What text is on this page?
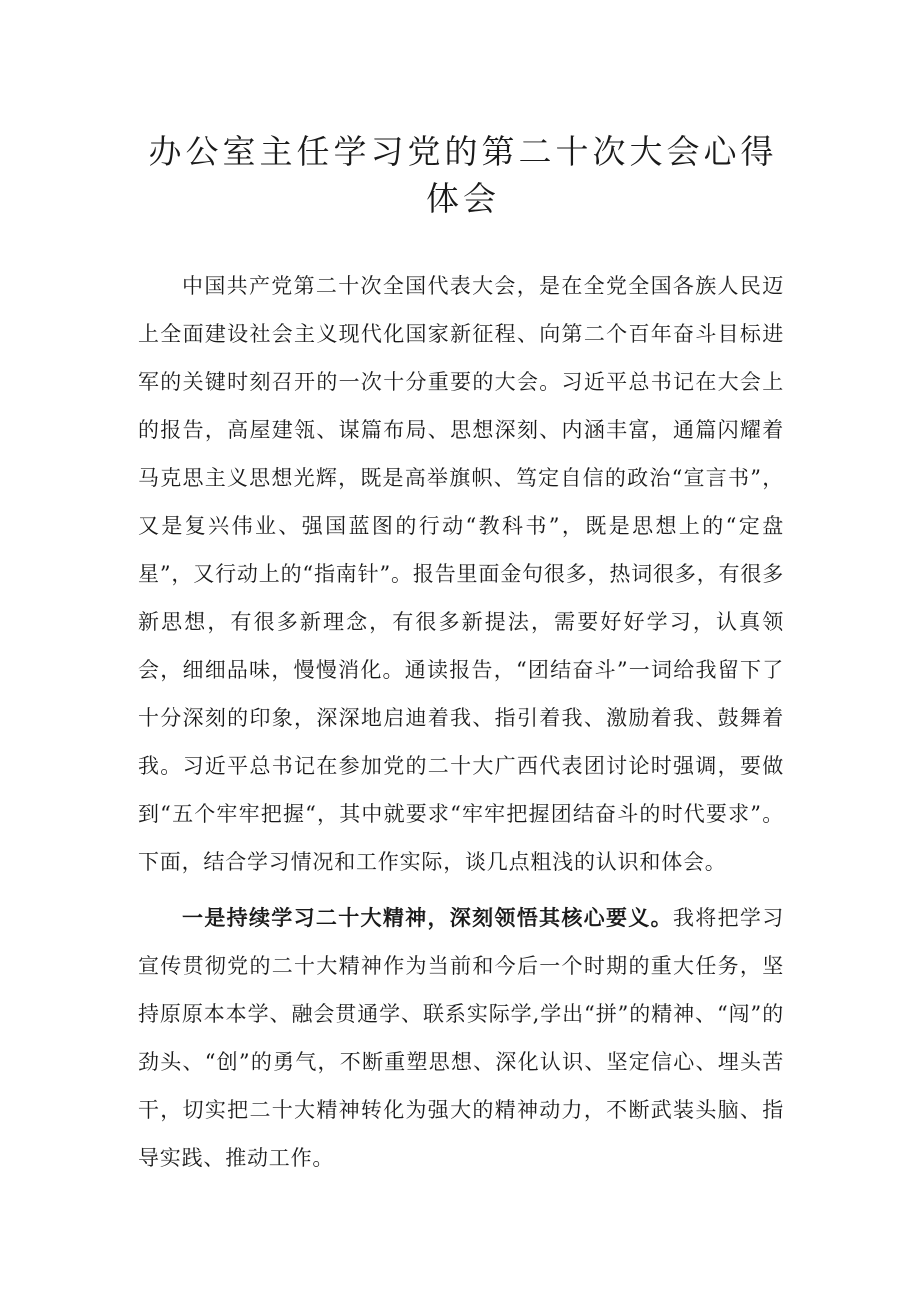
办公室主任学习党的第二十次大会心得体会

中国共产党第二十次全国代表大会，是在全党全国各族人民迈上全面建设社会主义现代化国家新征程、向第二个百年奋斗目标进军的关键时刻召开的一次十分重要的大会。习近平总书记在大会上的报告，高屋建瓴、谋篇布局、思想深刻、内涵丰富，通篇闪耀着马克思主义思想光辉，既是高举旗帜、笃定自信的政治“宣言书”，又是复兴伟业、强国蓝图的行动“教科书”，既是思想上的“定盘星”，又行动上的“指南针”。报告里面金句很多，热词很多，有很多新思想，有很多新理念，有很多新提法，需要好好学习，认真领会，细细品味，慢慢消化。通读报告，“团结奋斗”一词给我留下了十分深刻的印象，深深地启迪着我、指引着我、激励着我、鼓舞着我。习近平总书记在参加党的二十大广西代表团讨论时强调，要做到“五个牢牢把握“，其中就要求“牢牢把握团结奋斗的时代要求”。下面，结合学习情况和工作实际，谈几点粗浅的认识和体会。

一是持续学习二十大精神，深刻领悟其核心要义。我将把学习宣传贯彻党的二十大精神作为当前和今后一个时期的重大任务，坚持原原本本学、融会贯通学、联系实际学,学出“拼”的精神、“闯”的劲头、“创”的勇气，不断重塑思想、深化认识、坚定信心、埋头苦干，切实把二十大精神转化为强大的精神动力，不断武装头脑、指导实践、推动工作。
